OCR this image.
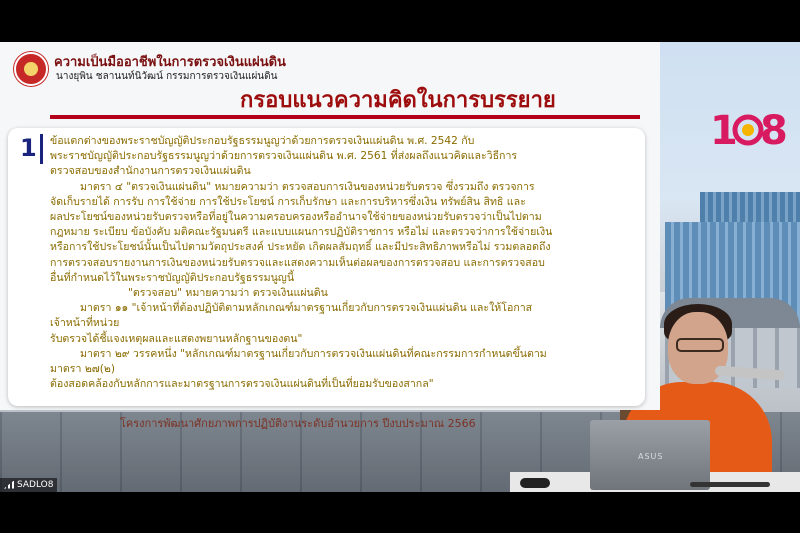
1 8
โครงการพัฒนาศักยภาพการปฏิบัติงานระดับอำนวยการ ปีงบประมาณ 2566
ASUS
ความเป็นมืออาชีพในการตรวจเงินแผ่นดิน
นางยุพิน ชลานนท์นิวัฒน์ กรรมการตรวจเงินแผ่นดิน
กรอบแนวความคิดในการบรรยาย
1 ข้อแตกต่างของพระราชบัญญัติประกอบรัฐธรรมนูญว่าด้วยการตรวจเงินแผ่นดิน พ.ศ. 2542 กับ

พระราชบัญญัติประกอบรัฐธรรมนูญว่าด้วยการตรวจเงินแผ่นดิน พ.ศ. 2561 ที่ส่งผลถึงแนวคิดและวิธีการ

ตรวจสอบของสำนักงานการตรวจเงินแผ่นดิน

มาตรา ๔ "ตรวจเงินแผ่นดิน" หมายความว่า ตรวจสอบการเงินของหน่วยรับตรวจ ซึ่งรวมถึง ตรวจการ

จัดเก็บรายได้ การรับ การใช้จ่าย การใช้ประโยชน์ การเก็บรักษา และการบริหารซึ่งเงิน ทรัพย์สิน สิทธิ และ

ผลประโยชน์ของหน่วยรับตรวจหรือที่อยู่ในความครอบครองหรืออำนาจใช้จ่ายของหน่วยรับตรวจว่าเป็นไปตาม

กฎหมาย ระเบียบ ข้อบังคับ มติคณะรัฐมนตรี และแบบแผนการปฏิบัติราชการ หรือไม่ และตรวจว่าการใช้จ่ายเงิน

หรือการใช้ประโยชน์นั้นเป็นไปตามวัตถุประสงค์ ประหยัด เกิดผลสัมฤทธิ์ และมีประสิทธิภาพหรือไม่ รวมตลอดถึง

การตรวจสอบรายงานการเงินของหน่วยรับตรวจและแสดงความเห็นต่อผลของการตรวจสอบ และการตรวจสอบ

อื่นที่กำหนดไว้ในพระราชบัญญัติประกอบรัฐธรรมนูญนี้

"ตรวจสอบ" หมายความว่า ตรวจเงินแผ่นดิน

มาตรา ๑๑ "เจ้าหน้าที่ต้องปฏิบัติตามหลักเกณฑ์มาตรฐานเกี่ยวกับการตรวจเงินแผ่นดิน และให้โอกาส

เจ้าหน้าที่หน่วย

รับตรวจได้ชี้แจงเหตุผลและแสดงพยานหลักฐานของตน"

มาตรา ๒๙ วรรคหนึ่ง "หลักเกณฑ์มาตรฐานเกี่ยวกับการตรวจเงินแผ่นดินที่คณะกรรมการกำหนดขึ้นตาม

มาตรา ๒๗(๒)

ต้องสอดคล้องกับหลักการและมาตรฐานการตรวจเงินแผ่นดินที่เป็นที่ยอมรับของสากล"

SADLO8
